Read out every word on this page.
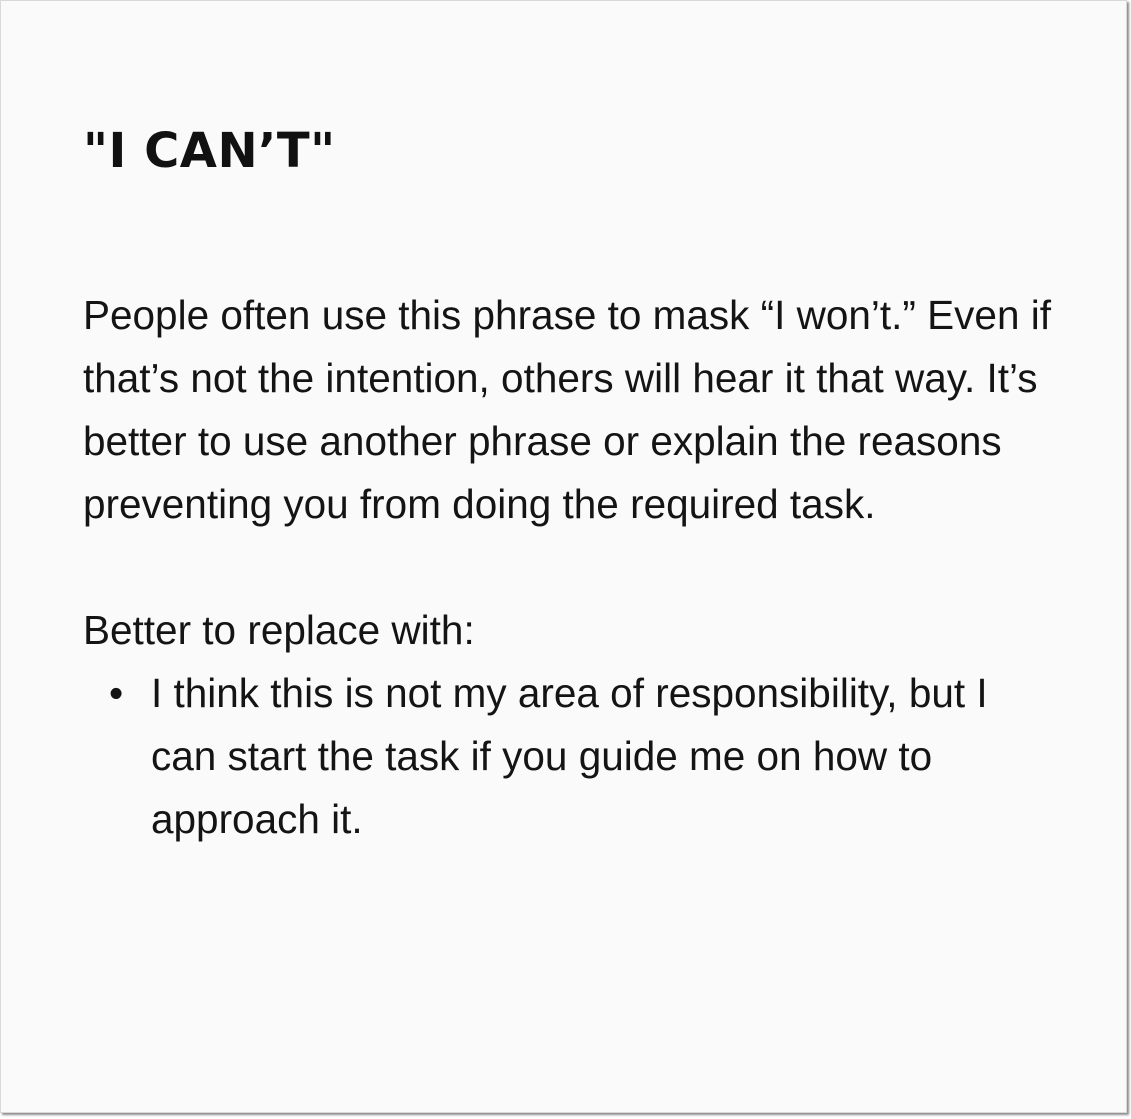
"I CAN’T"

People often use this phrase to mask “I won’t.” Even if that’s not the intention, others will hear it that way. It’s better to use another phrase or explain the reasons preventing you from doing the required task.

Better to replace with:

• I think this is not my area of responsibility, but I can start the task if you guide me on how to approach it.
